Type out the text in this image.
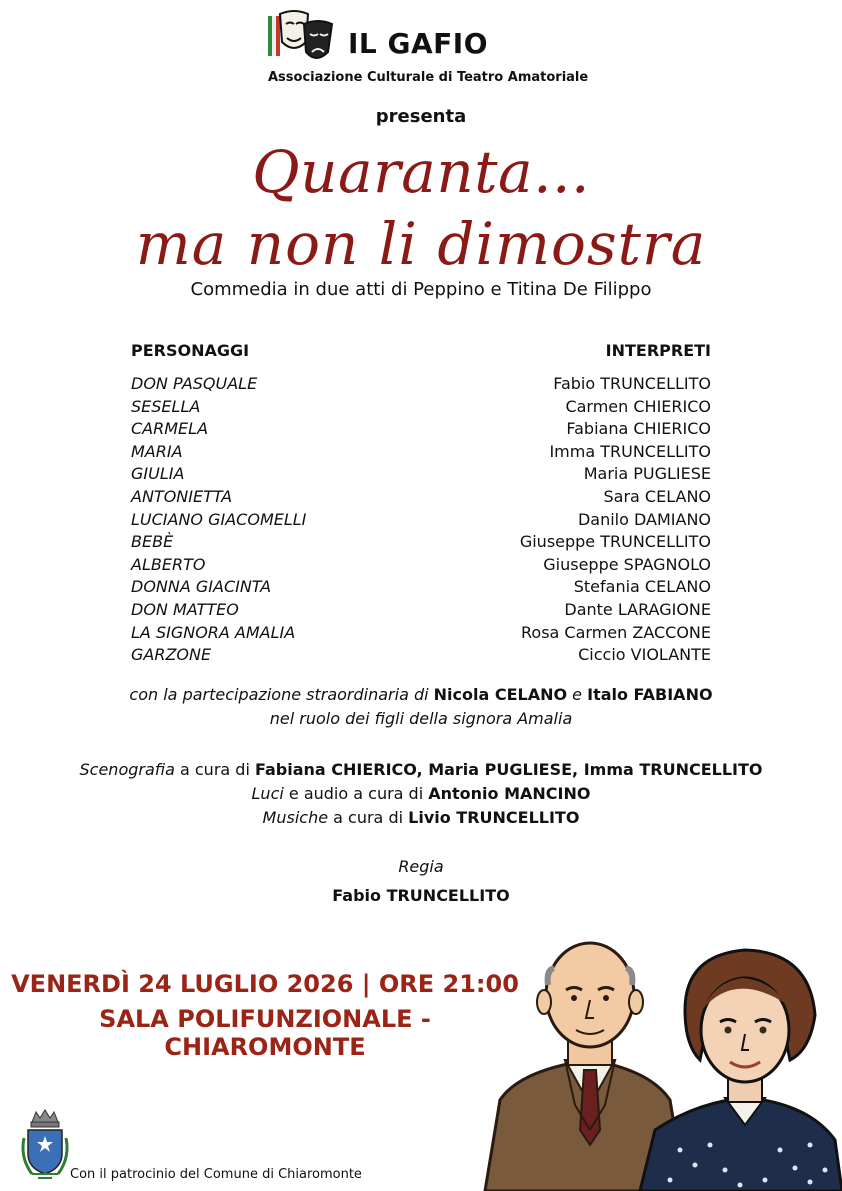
IL GAFIO
Associazione Culturale di Teatro Amatoriale
presenta
Quaranta...
ma non li dimostra
Commedia in due atti di Peppino e Titina De Filippo
PERSONAGGI	INTERPRETI
DON PASQUALE
SESELLA
CARMELA
MARIA
GIULIA
ANTONIETTA
LUCIANO GIACOMELLI
BEBÈ
ALBERTO
DONNA GIACINTA
DON MATTEO
LA SIGNORA AMALIA
GARZONE
Fabio TRUNCELLITO
Carmen CHIERICO
Fabiana CHIERICO
Imma TRUNCELLITO
Maria PUGLIESE
Sara CELANO
Danilo DAMIANO
Giuseppe TRUNCELLITO
Giuseppe SPAGNOLO
Stefania CELANO
Dante LARAGIONE
Rosa Carmen ZACCONE
Ciccio VIOLANTE
con la partecipazione straordinaria di Nicola CELANO e Italo FABIANO
nel ruolo dei figli della signora Amalia
Scenografia a cura di Fabiana CHIERICO, Maria PUGLIESE, Imma TRUNCELLITO
Luci e audio a cura di Antonio MANCINO
Musiche a cura di Livio TRUNCELLITO
Regia
Fabio TRUNCELLITO
VENERDÌ 24 LUGLIO 2026 | ORE 21:00
SALA POLIFUNZIONALE - CHIAROMONTE
Con il patrocinio del Comune di Chiaromonte
